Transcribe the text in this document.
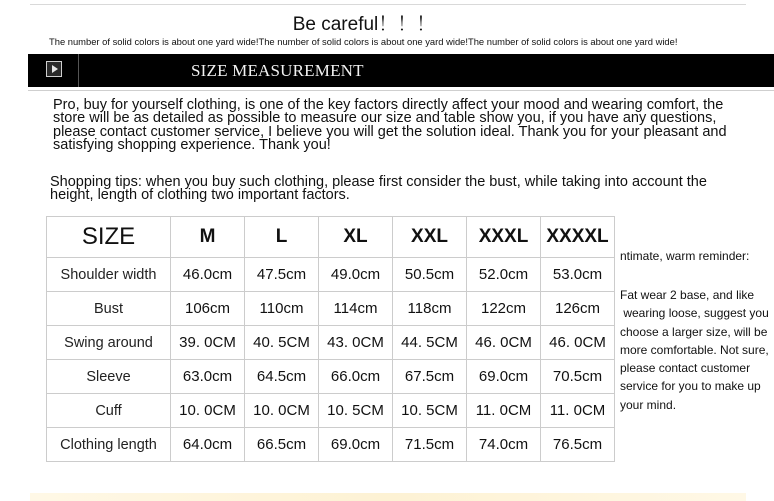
Be careful！！！
The number of solid colors is about one yard wide!The number of solid colors is about one yard wide!The number of solid colors is about one yard wide!
SIZE MEASUREMENT
Pro, buy for yourself clothing, is one of the key factors directly affect your mood and wearing comfort, the store will be as detailed as possible to measure our size and table show you, if you have any questions, please contact customer service, I believe you will get the solution ideal. Thank you for your pleasant and satisfying shopping experience. Thank you!
Shopping tips: when you buy such clothing, please first consider the bust, while taking into account the height, length of clothing two important factors.
SIZE	M	L	XL	XXL	XXXL	XXXXL
Shoulder width	46.0cm	47.5cm	49.0cm	50.5cm	52.0cm	53.0cm
Bust	106cm	110cm	114cm	118cm	122cm	126cm
Swing around	39. 0CM	40. 5CM	43. 0CM	44. 5CM	46. 0CM	46. 0CM
Sleeve	63.0cm	64.5cm	66.0cm	67.5cm	69.0cm	70.5cm
Cuff	10. 0CM	10. 0CM	10. 5CM	10. 5CM	11. 0CM	11. 0CM
Clothing length	64.0cm	66.5cm	69.0cm	71.5cm	74.0cm	76.5cm
ntimate, warm reminder:
Fat wear 2 base, and like
wearing loose, suggest you
choose a larger size, will be
more comfortable. Not sure,
please contact customer
service for you to make up
your mind.
